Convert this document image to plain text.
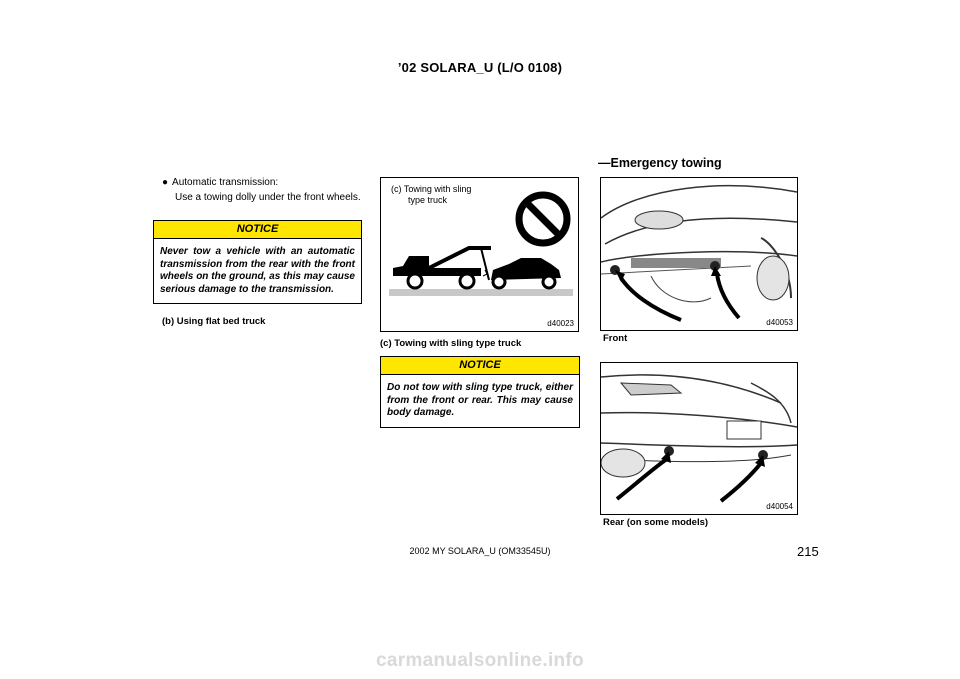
’02 SOLARA_U (L/O 0108)
—Emergency towing
● Automatic transmission:
Use a towing dolly under the front wheels.
NOTICE
Never tow a vehicle with an automatic transmission from the rear with the front wheels on the ground, as this may cause serious damage to the transmission.
(b) Using flat bed truck
(c) Towing with sling
type truck
d40023
(c) Towing with sling type truck
NOTICE
Do not tow with sling type truck, either from the front or rear. This may cause body damage.
d40053
Front
d40054
Rear (on some models)
2002 MY SOLARA_U (OM33545U)	215
carmanualsonline.info
